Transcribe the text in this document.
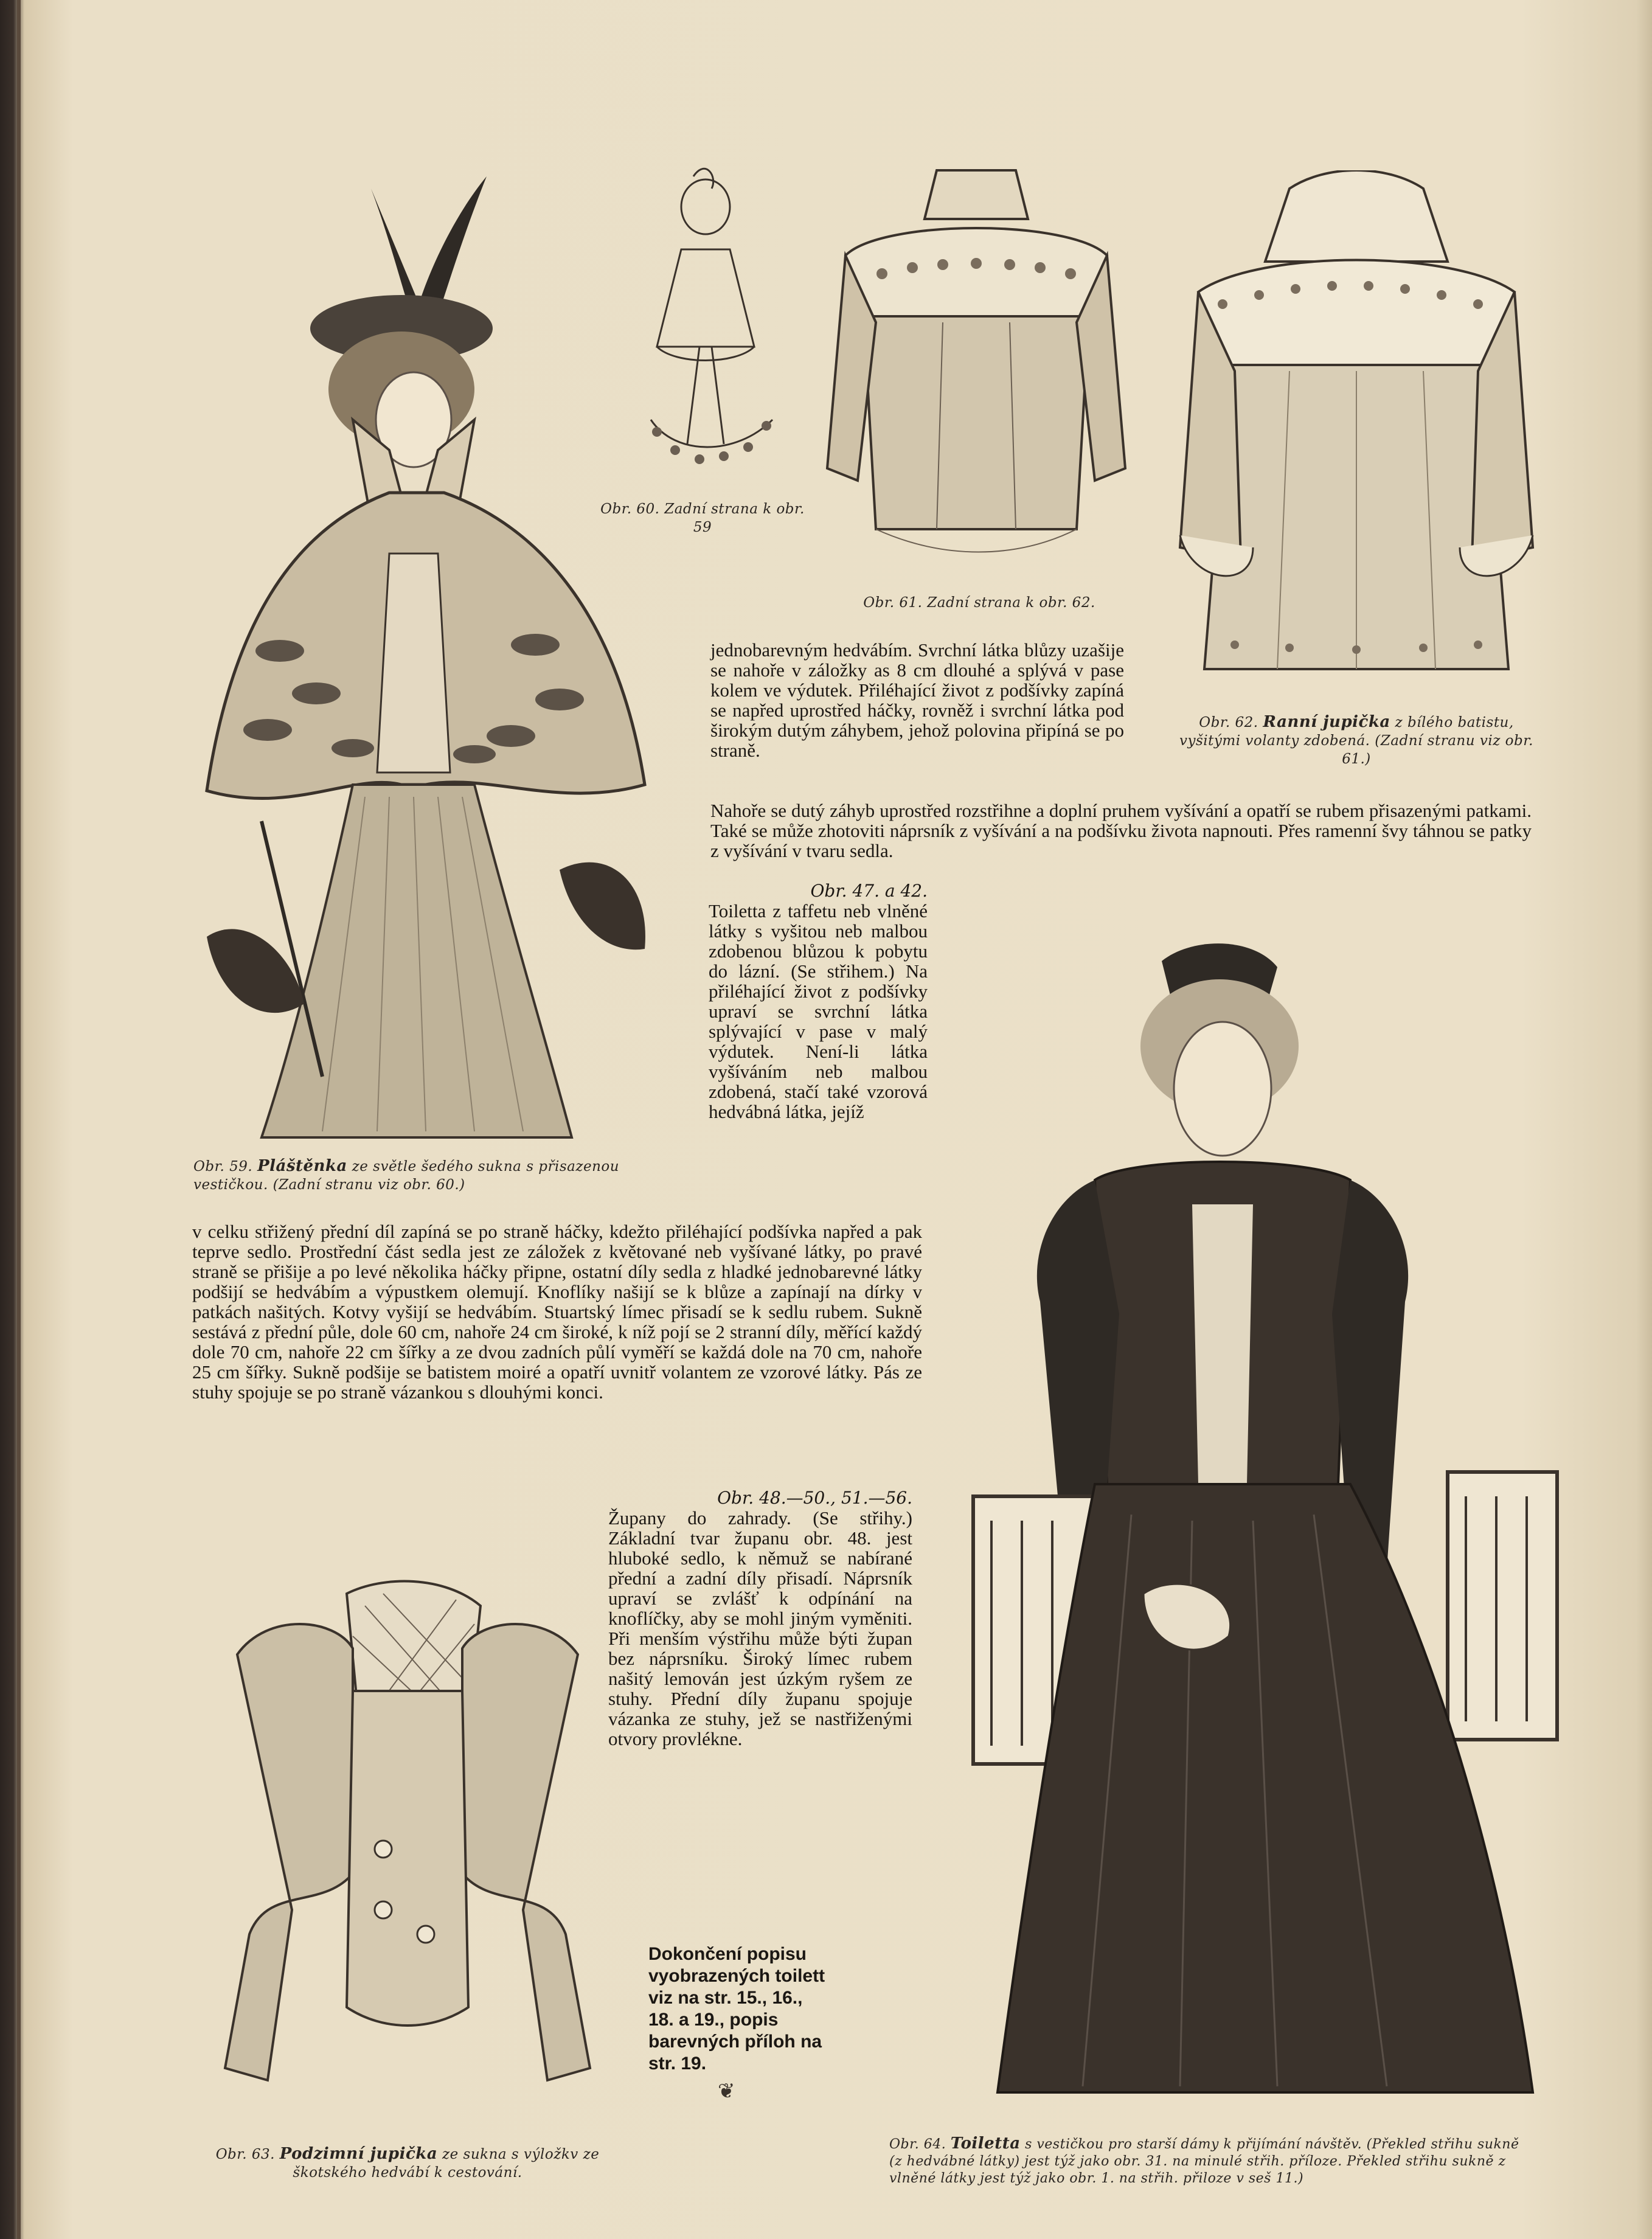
Obr. 59. Pláštěnka ze světle šedého sukna s přisazenou vestičkou. (Zadní stranu viz obr. 60.)
Obr. 60. Zadní strana k obr. 59
Obr. 61. Zadní strana k obr. 62.
Obr. 62. Ranní jupička z bílého batistu, vyšitými volanty zdobená. (Zadní stranu viz obr. 61.)

jednobarevným hedvábím. Svrchní látka blůzy uzašije se nahoře v záložky as 8 cm dlouhé a splývá v pase kolem ve výdutek. Přiléhající život z podšívky zapíná se napřed uprostřed háčky, rovněž i svrchní látka pod širokým dutým záhybem, jehož polovina připíná se po straně.

Nahoře se dutý záhyb uprostřed rozstřihne a doplní pruhem vyšívání a opatří se rubem přisazenými patkami. Také se může zhotoviti náprsník z vyšívání a na podšívku života napnouti. Přes ramenní švy táhnou se patky z vyšívání v tvaru sedla.

Obr. 47. a 42.

Toiletta z taffetu neb vlněné látky s vyšitou neb malbou zdobenou blůzou k pobytu do lázní. (Se střihem.) Na přiléhající život z podšívky upraví se svrchní látka splývající v pase v malý výdutek. Není-li látka vyšíváním neb malbou zdobená, stačí také vzorová hedvábná látka, jejíž

v celku střižený přední díl zapíná se po straně háčky, kdežto přiléhající podšívka napřed a pak teprve sedlo. Prostřední část sedla jest ze záložek z květované neb vyšívané látky, po pravé straně se přišije a po levé několika háčky připne, ostatní díly sedla z hladké jednobarevné látky podšijí se hedvábím a výpustkem olemují. Knoflíky našijí se k blůze a zapínají na dírky v patkách našitých. Kotvy vyšijí se hedvábím. Stuartský límec přisadí se k sedlu rubem. Sukně sestává z přední půle, dole 60 cm, nahoře 24 cm široké, k níž pojí se 2 stranní díly, měřící každý dole 70 cm, nahoře 22 cm šířky a ze dvou zadních půlí vyměří se každá dole na 70 cm, nahoře 25 cm šířky. Sukně podšije se batistem moiré a opatří uvnitř volantem ze vzorové látky. Pás ze stuhy spojuje se po straně vázankou s dlouhými konci.

Obr. 48.—50., 51.—56.

Župany do zahrady. (Se střihy.) Základní tvar županu obr. 48. jest hluboké sedlo, k němuž se nabírané přední a zadní díly přisadí. Náprsník upraví se zvlášť k odpínání na knoflíčky, aby se mohl jiným vyměniti. Při menším výstřihu může býti župan bez náprsníku. Široký límec rubem našitý lemován jest úzkým ryšem ze stuhy. Přední díly županu spojuje vázanka ze stuhy, jež se nastřiženými otvory provlékne.

Dokončení popisu vyobrazených toilett viz na str. 15., 16., 18. a 19., popis barevných příloh na str. 19.
❦
Obr. 63. Podzimní jupička ze sukna s výložkv ze škotského hedvábí k cestování.
Obr. 64. Toiletta s vestičkou pro starší dámy k přijímání návštěv. (Překled střihu sukně (z hedvábné látky) jest týž jako obr. 31. na minulé střih. příloze. Překled střihu sukně z vlněné látky jest týž jako obr. 1. na střih. přiloze v seš 11.)
